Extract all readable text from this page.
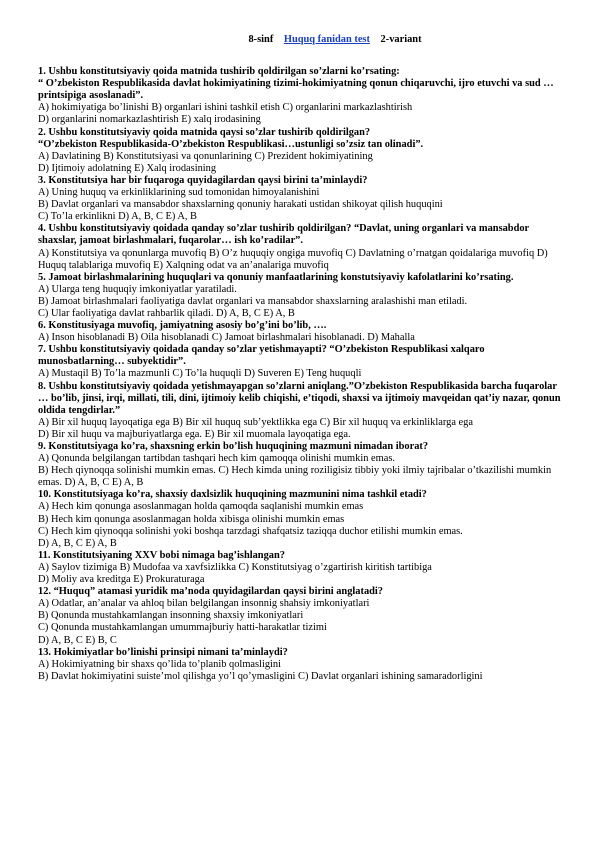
8-sinf Huquq fanidan test 2-variant

1. Ushbu konstitutsiyaviy qoida matnida tushirib qoldirilgan so’zlarni ko’rsating:

“ O’zbekiston Respublikasida davlat hokimiyatining tizimi-hokimiyatning qonun chiqaruvchi, ijro etuvchi va sud … printsipiga asoslanadi”.

A) hokimiyatiga bo’linishi B) organlari ishini tashkil etish C) organlarini markazlashtirish

D) organlarini nomarkazlashtirish E) xalq irodasining

2. Ushbu konstitutsiyaviy qoida matnida qaysi so’zlar tushirib qoldirilgan?

“O’zbekiston Respublikasida-O’zbekiston Respublikasi…ustunligi so’zsiz tan olinadi”.

A) Davlatining B) Konstitutsiyasi va qonunlarining C) Prezident hokimiyatining

D) Ijtimoiy adolatning E) Xalq irodasining

3. Konstitutsiya har bir fuqaroga quyidagilardan qaysi birini ta’minlaydi?

A) Uning huquq va erkinliklarining sud tomonidan himoyalanishini

B) Davlat organlari va mansabdor shaxslarning qonuniy harakati ustidan shikoyat qilish huquqini

C) To’la erkinlikni D) A, B, C E) A, B

4. Ushbu konstitutsiyaviy qoidada qanday so’zlar tushirib qoldirilgan? “Davlat, uning organlari va mansabdor shaxslar, jamoat birlashmalari, fuqarolar… ish ko’radilar”.

A) Konstitutsiya va qonunlarga muvofiq B) O’z huquqiy ongiga muvofiq C) Davlatning o’rnatgan qoidalariga muvofiq D) Huquq talablariga muvofiq E) Xalqning odat va an’analariga muvofiq

5. Jamoat birlashmalarining huquqlari va qonuniy manfaatlarining konstutsiyaviy kafolatlarini ko’rsating.

A) Ularga teng huquqiy imkoniyatlar yaratiladi.

B) Jamoat birlashmalari faoliyatiga davlat organlari va mansabdor shaxslarning aralashishi man etiladi.

C) Ular faoliyatiga davlat rahbarlik qiladi. D) A, B, C E) A, B

6. Konstitusiyaga muvofiq, jamiyatning asosiy bo’g’ini bo’lib, ….

A) Inson hisoblanadi B) Oila hisoblanadi C) Jamoat birlashmalari hisoblanadi. D) Mahalla

7. Ushbu konstitutsiyaviy qoidada qanday so’zlar yetishmayapti? “O’zbekiston Respublikasi xalqaro munosbatlarning… subyektidir”.

A) Mustaqil B) To’la mazmunli C) To’la huquqli D) Suveren E) Teng huquqli

8. Ushbu konstitutsiyaviy qoidada yetishmayapgan so’zlarni aniqlang.”O’zbekiston Respublikasida barcha fuqarolar … bo’lib, jinsi, irqi, millati, tili, dini, ijtimoiy kelib chiqishi, e’tiqodi, shaxsi va ijtimoiy mavqeidan qat’iy nazar, qonun oldida tengdirlar.”

A) Bir xil huquq layoqatiga ega B) Bir xil huquq sub’yektlikka ega C) Bir xil huquq va erkinliklarga ega

D) Bir xil huqu va majburiyatlarga ega. E) Bir xil muomala layoqatiga ega.

9. Konstitutsiyaga ko’ra, shaxsning erkin bo’lish huquqining mazmuni nimadan iborat?

A) Qonunda belgilangan tartibdan tashqari hech kim qamoqqa olinishi mumkin emas.

B) Hech qiynoqqa solinishi mumkin emas. C) Hech kimda uning roziligisiz tibbiy yoki ilmiy tajribalar o’tkazilishi mumkin emas. D) A, B, C E) A, B

10. Konstitutsiyaga ko’ra, shaxsiy daxlsizlik huquqining mazmunini nima tashkil etadi?

A) Hech kim qonunga asoslanmagan holda qamoqda saqlanishi mumkin emas

B) Hech kim qonunga asoslanmagan holda xibisga olinishi mumkin emas

C) Hech kim qiynoqqa solinishi yoki boshqa tarzdagi shafqatsiz taziqqa duchor etilishi mumkin emas.

D) A, B, C E) A, B

11. Konstitutsiyaning XXV bobi nimaga bag’ishlangan?

A) Saylov tizimiga B) Mudofaa va xavfsizlikka C) Konstitutsiyag o’zgartirish kiritish tartibiga

D) Moliy ava kreditga E) Prokuraturaga

12. “Huquq” atamasi yuridik ma’noda quyidagilardan qaysi birini anglatadi?

A) Odatlar, an’analar va ahloq bilan belgilangan insonnig shahsiy imkoniyatlari

B) Qonunda mustahkamlangan insonning shaxsiy imkoniyatlari

C) Qonunda mustahkamlangan umummajburiy hatti-harakatlar tizimi

D) A, B, C E) B, C

13. Hokimiyatlar bo’linishi prinsipi nimani ta’minlaydi?

A) Hokimiyatning bir shaxs qo’lida to’planib qolmasligini

B) Davlat hokimiyatini suiste’mol qilishga yo’l qo’ymasligini C) Davlat organlari ishining samaradorligini
